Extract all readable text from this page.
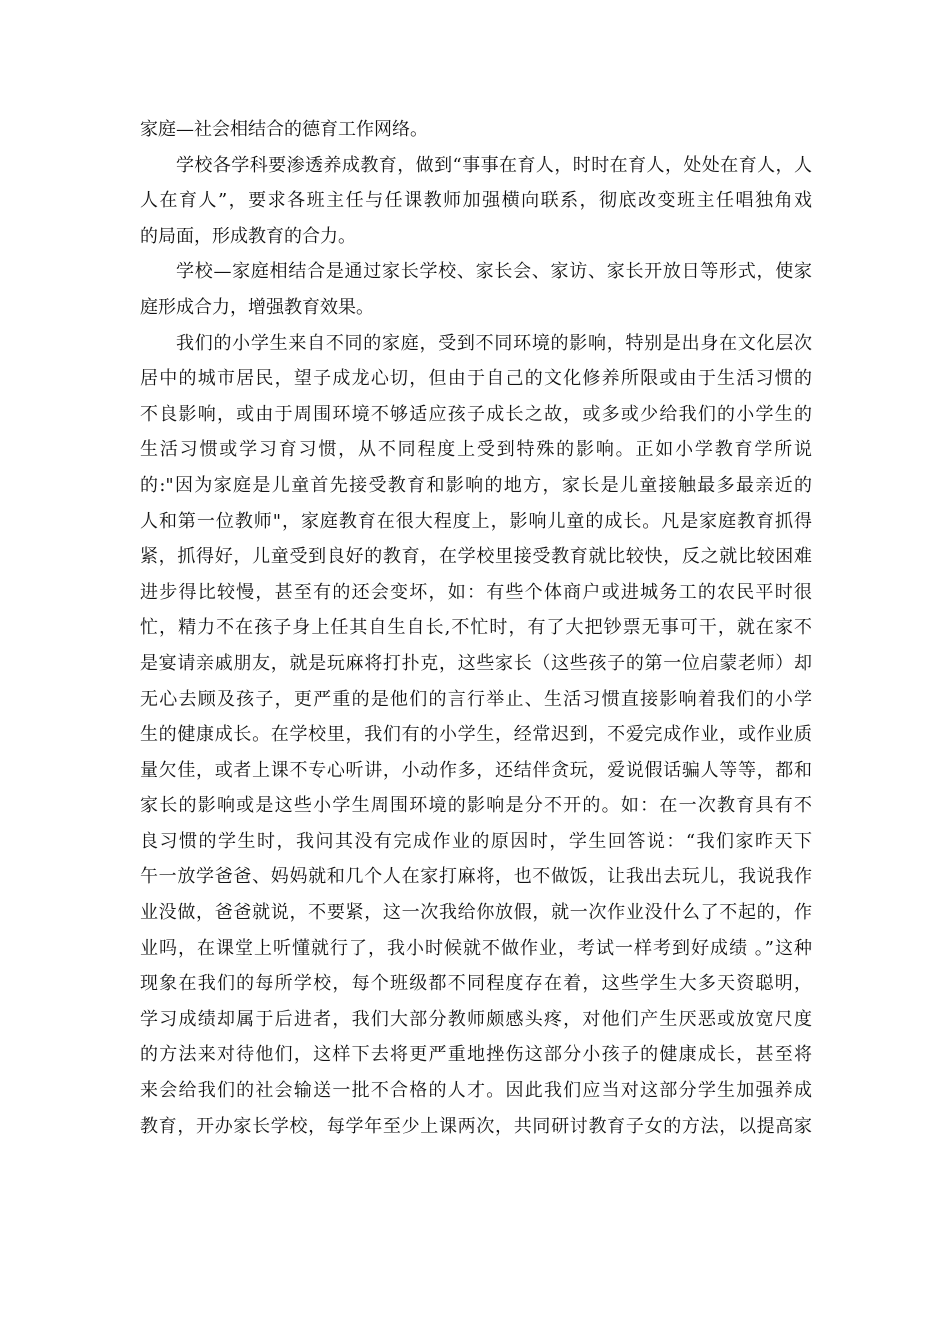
家庭—社会相结合的德育工作网络。
学校各学科要渗透养成教育，做到“事事在育人，时时在育人，处处在育人，人
人在育人”，要求各班主任与任课教师加强横向联系，彻底改变班主任唱独角戏
的局面，形成教育的合力。
学校—家庭相结合是通过家长学校、家长会、家访、家长开放日等形式，使家
庭形成合力，增强教育效果。
我们的小学生来自不同的家庭，受到不同环境的影响，特别是出身在文化层次
居中的城市居民，望子成龙心切，但由于自己的文化修养所限或由于生活习惯的
不良影响，或由于周围环境不够适应孩子成长之故，或多或少给我们的小学生的
生活习惯或学习育习惯，从不同程度上受到特殊的影响。正如小学教育学所说
的:"因为家庭是儿童首先接受教育和影响的地方，家长是儿童接触最多最亲近的
人和第一位教师"，家庭教育在很大程度上，影响儿童的成长。凡是家庭教育抓得
紧，抓得好，儿童受到良好的教育，在学校里接受教育就比较快，反之就比较困难
进步得比较慢，甚至有的还会变坏，如：有些个体商户或进城务工的农民平时很
忙，精力不在孩子身上任其自生自长,不忙时，有了大把钞票无事可干，就在家不
是宴请亲戚朋友，就是玩麻将打扑克，这些家长（这些孩子的第一位启蒙老师）却
无心去顾及孩子，更严重的是他们的言行举止、生活习惯直接影响着我们的小学
生的健康成长。在学校里，我们有的小学生，经常迟到，不爱完成作业，或作业质
量欠佳，或者上课不专心听讲，小动作多，还结伴贪玩，爱说假话骗人等等，都和
家长的影响或是这些小学生周围环境的影响是分不开的。如：在一次教育具有不
良习惯的学生时，我问其没有完成作业的原因时，学生回答说：“我们家昨天下
午一放学爸爸、妈妈就和几个人在家打麻将，也不做饭，让我出去玩儿，我说我作
业没做，爸爸就说，不要紧，这一次我给你放假，就一次作业没什么了不起的，作
业吗，在课堂上听懂就行了，我小时候就不做作业，考试一样考到好成绩 。”这种
现象在我们的每所学校，每个班级都不同程度存在着，这些学生大多天资聪明，
学习成绩却属于后进者，我们大部分教师颇感头疼，对他们产生厌恶或放宽尺度
的方法来对待他们，这样下去将更严重地挫伤这部分小孩子的健康成长，甚至将
来会给我们的社会输送一批不合格的人才。因此我们应当对这部分学生加强养成
教育，开办家长学校，每学年至少上课两次，共同研讨教育子女的方法，以提高家
